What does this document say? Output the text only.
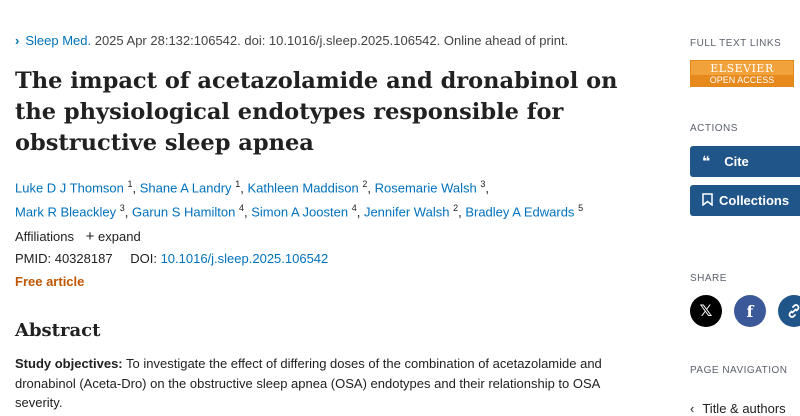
› Sleep Med. 2025 Apr 28:132:106542. doi: 10.1016/j.sleep.2025.106542. Online ahead of print.
The impact of acetazolamide and dronabinol on the physiological endotypes responsible for obstructive sleep apnea
Luke D J Thomson $^1$, Shane A Landry $^1$, Kathleen Maddison $^2$, Rosemarie Walsh $^3$,
Mark R Bleackley $^3$, Garun S Hamilton $^4$, Simon A Joosten $^4$, Jennifer Walsh $^2$, Bradley A Edwards $^5$
Affiliations + expand
PMID: 40328187 DOI: 10.1016/j.sleep.2025.106542
Free article
Abstract

Study objectives: To investigate the effect of differing doses of the combination of acetazolamide and dronabinol (Aceta-Dro) on the obstructive sleep apnea (OSA) endotypes and their relationship to OSA severity.

FULL TEXT LINKS
ELSEVIER
OPEN ACCESS
ACTIONS
❝ Cite
Collections
SHARE
𝕏	f
PAGE NAVIGATION
‹ Title & authors
